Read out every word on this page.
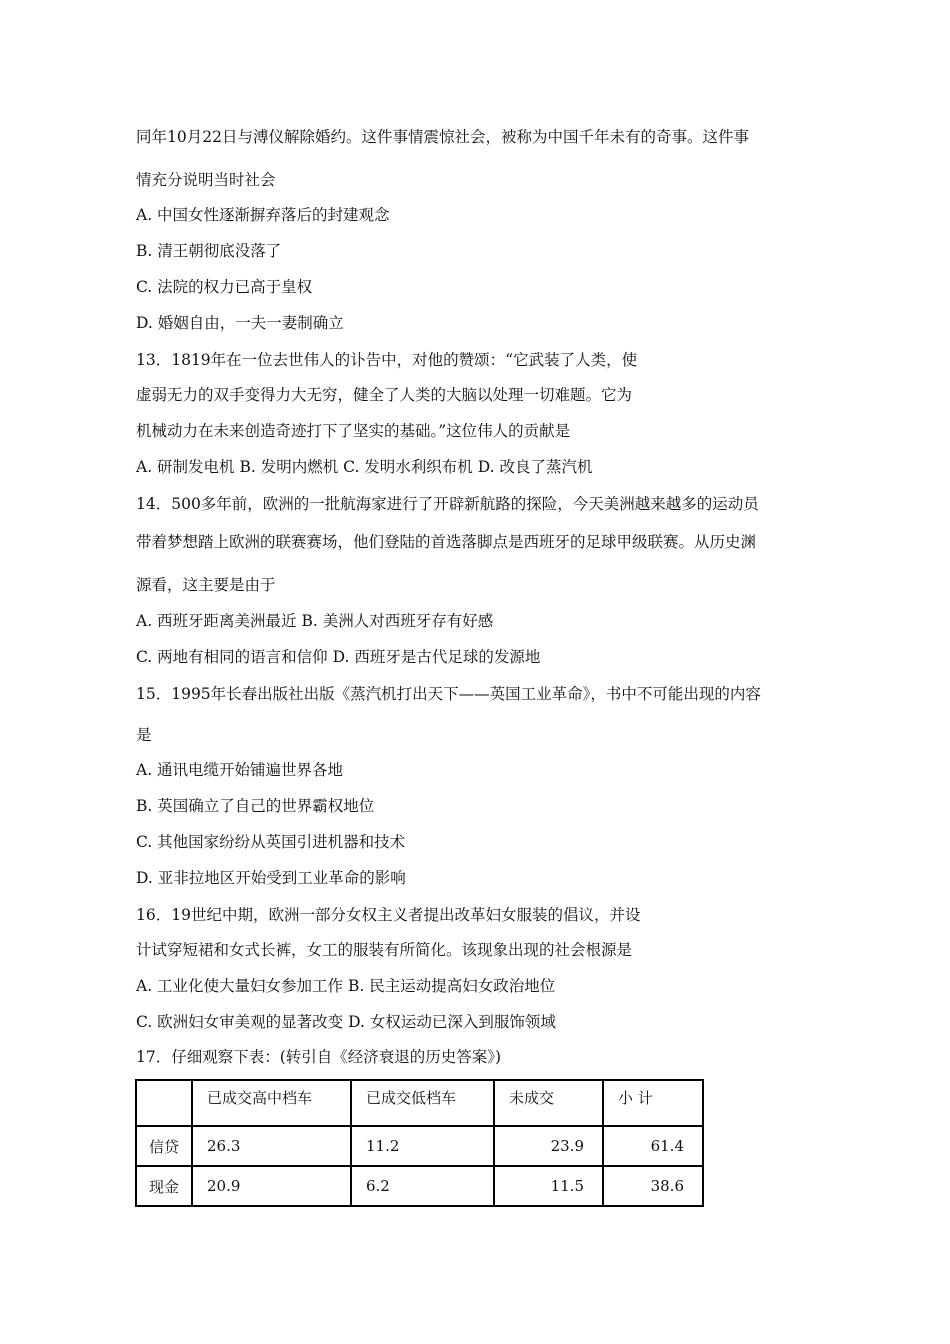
同年10月22日与溥仪解除婚约。这件事情震惊社会，被称为中国千年未有的奇事。这件事
情充分说明当时社会
A. 中国女性逐渐摒弃落后的封建观念
B. 清王朝彻底没落了
C. 法院的权力已高于皇权
D. 婚姻自由，一夫一妻制确立
13．1819年在一位去世伟人的讣告中，对他的赞颂：“它武装了人类，使
虚弱无力的双手变得力大无穷，健全了人类的大脑以处理一切难题。它为
机械动力在未来创造奇迹打下了坚实的基础。”这位伟人的贡献是
A. 研制发电机 B. 发明内燃机 C. 发明水利织布机 D. 改良了蒸汽机
14．500多年前，欧洲的一批航海家进行了开辟新航路的探险，今天美洲越来越多的运动员
带着梦想踏上欧洲的联赛赛场，他们登陆的首选落脚点是西班牙的足球甲级联赛。从历史渊
源看，这主要是由于
A. 西班牙距离美洲最近 B. 美洲人对西班牙存有好感
C. 两地有相同的语言和信仰 D. 西班牙是古代足球的发源地
15．1995年长春出版社出版《蒸汽机打出天下——英国工业革命》，书中不可能出现的内容
是
A. 通讯电缆开始铺遍世界各地
B. 英国确立了自己的世界霸权地位
C. 其他国家纷纷从英国引进机器和技术
D. 亚非拉地区开始受到工业革命的影响
16．19世纪中期，欧洲一部分女权主义者提出改革妇女服装的倡议，并设
计试穿短裙和女式长裤，女工的服装有所简化。该现象出现的社会根源是
A. 工业化使大量妇女参加工作 B. 民主运动提高妇女政治地位
C. 欧洲妇女审美观的显著改变 D. 女权运动已深入到服饰领域
17．仔细观察下表：(转引自《经济衰退的历史答案》)
	已成交高中档车	已成交低档车	未成交	小 计
信贷	26.3	11.2	23.9	61.4
现金	20.9	6.2	11.5	38.6
